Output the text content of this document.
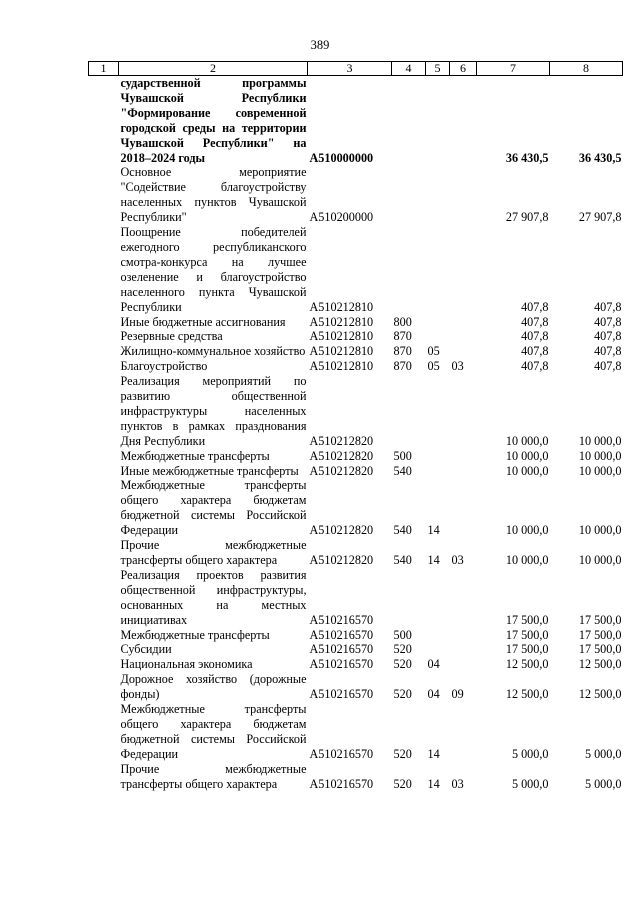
389
1	2	3	4	5	6	7	8
	сударственной программы Чувашской Республики "Формирование современной городской среды на территории Чувашской Республики" на 2018–2024 годы	A510000000				36 430,5	36 430,5
	Основное мероприятие "Содействие благоустройству населенных пунктов Чувашской Республики"	A510200000				27 907,8	27 907,8
	Поощрение победителей ежегодного республиканского смотра-конкурса на лучшее озеленение и благоустройство населенного пункта Чувашской Республики	A510212810				407,8	407,8
	Иные бюджетные ассигнования	A510212810	800			407,8	407,8
	Резервные средства	A510212810	870			407,8	407,8
	Жилищно-коммунальное хозяйство	A510212810	870	05		407,8	407,8
	Благоустройство	A510212810	870	05	03	407,8	407,8
	Реализация мероприятий по развитию общественной инфраструктуры населенных пунктов в рамках празднования Дня Республики	A510212820				10 000,0	10 000,0
	Межбюджетные трансферты	A510212820	500			10 000,0	10 000,0
	Иные межбюджетные трансферты	A510212820	540			10 000,0	10 000,0
	Межбюджетные трансферты общего характера бюджетам бюджетной системы Российской Федерации	A510212820	540	14		10 000,0	10 000,0
	Прочие межбюджетные трансферты общего характера	A510212820	540	14	03	10 000,0	10 000,0
	Реализация проектов развития общественной инфраструктуры, основанных на местных инициативах	A510216570				17 500,0	17 500,0
	Межбюджетные трансферты	A510216570	500			17 500,0	17 500,0
	Субсидии	A510216570	520			17 500,0	17 500,0
	Национальная экономика	A510216570	520	04		12 500,0	12 500,0
	Дорожное хозяйство (дорожные фонды)	A510216570	520	04	09	12 500,0	12 500,0
	Межбюджетные трансферты общего характера бюджетам бюджетной системы Российской Федерации	A510216570	520	14		5 000,0	5 000,0
	Прочие межбюджетные трансферты общего характера	A510216570	520	14	03	5 000,0	5 000,0
